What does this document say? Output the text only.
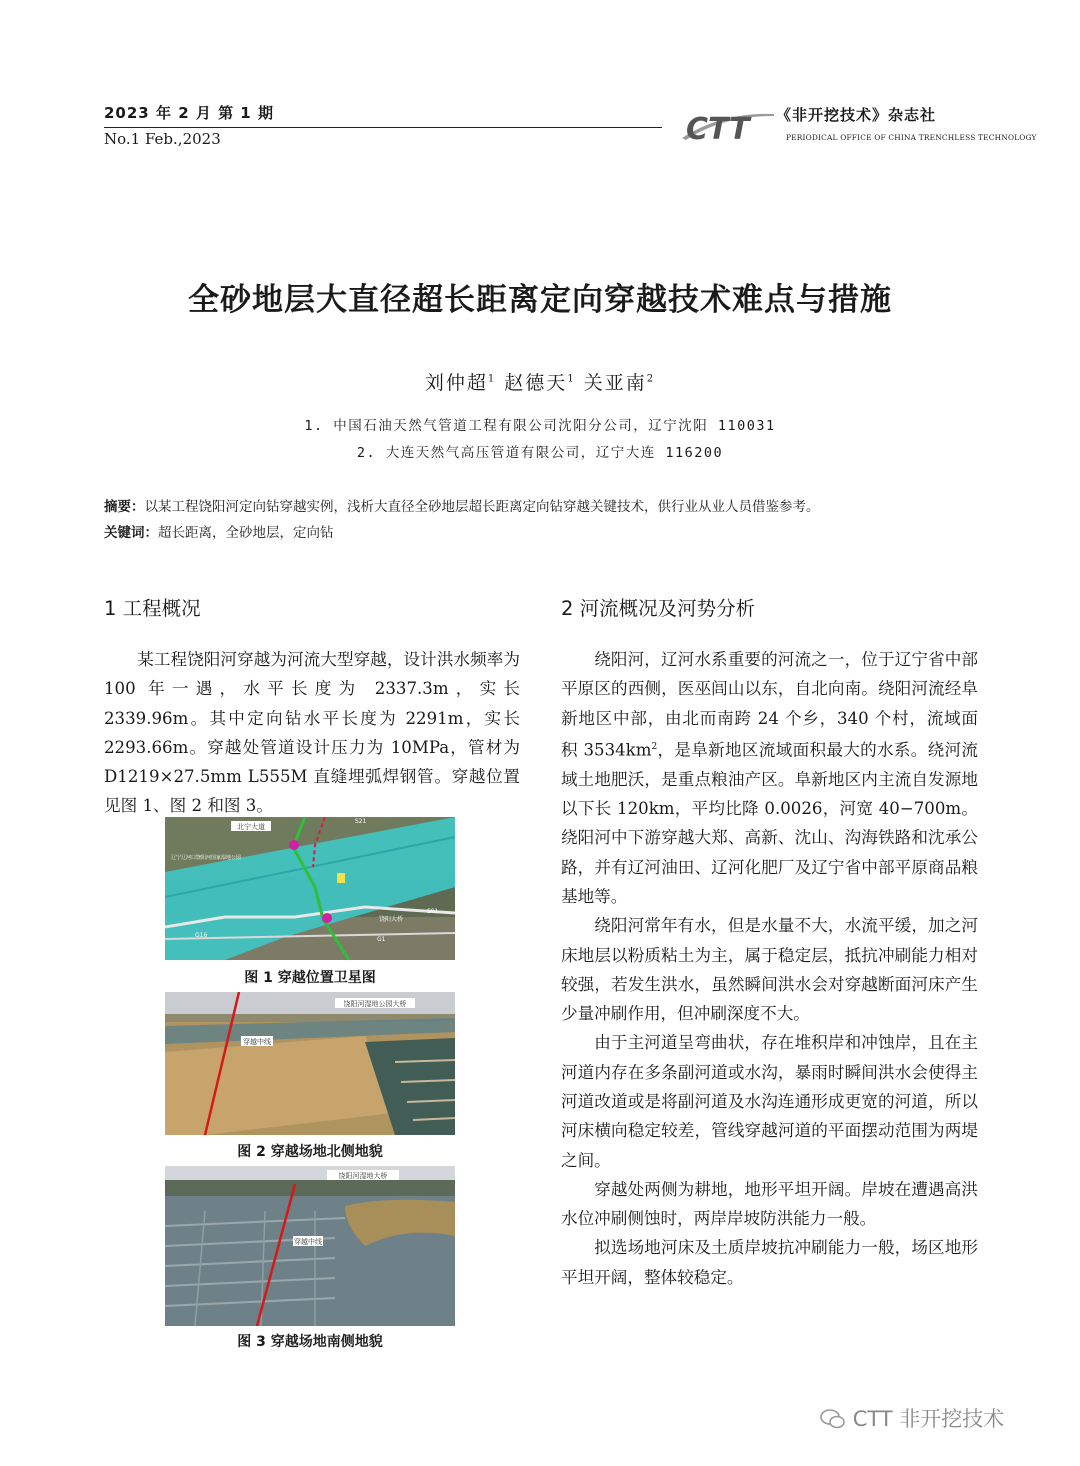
2023 年 2 月 第 1 期
No.1 Feb.,2023	CTT 《非开挖技术》杂志社
PERIODICAL OFFICE OF CHINA TRENCHLESS TECHNOLOGY
全砂地层大直径超长距离定向穿越技术难点与措施
刘仲超$^1$ 赵德天$^1$ 关亚南$^2$
1. 中国石油天然气管道工程有限公司沈阳分公司，辽宁沈阳 110031
2. 大连天然气高压管道有限公司，辽宁大连 116200
摘要：以某工程饶阳河定向钻穿越实例，浅析大直径全砂地层超长距离定向钻穿越关键技术，供行业从业人员借鉴参考。
关键词：超长距离，全砂地层，定向钻
1 工程概况	2 河流概况及河势分析

某工程饶阳河穿越为河流大型穿越，设计洪水频率为 100 年一遇，水平长度为 2337.3m，实长 2339.96m。其中定向钻水平长度为 2291m，实长 2293.66m。穿越处管道设计压力为 10MPa，管材为 D1219×27.5mm L555M 直缝埋弧焊钢管。穿越位置见图 1、图 2 和图 3。

北宁大道
辽宁辽河口饶阳河国家湿地公园
饶阳大桥
S21
G16
S01
G1
图 1 穿越位置卫星图
饶阳河湿地公园大桥
穿越中线
图 2 穿越场地北侧地貌
饶阳河湿地大桥
穿越中线
图 3 穿越场地南侧地貌

绕阳河，辽河水系重要的河流之一，位于辽宁省中部平原区的西侧，医巫闾山以东，自北向南。绕阳河流经阜新地区中部，由北而南跨 24 个乡，340 个村，流域面积 $3534km^2$，是阜新地区流域面积最大的水系。绕河流域土地肥沃，是重点粮油产区。阜新地区内主流自发源地以下长 120km，平均比降 0.0026，河宽 40−700m。绕阳河中下游穿越大郑、高新、沈山、沟海铁路和沈承公路，并有辽河油田、辽河化肥厂及辽宁省中部平原商品粮基地等。

绕阳河常年有水，但是水量不大，水流平缓，加之河床地层以粉质粘土为主，属于稳定层，抵抗冲刷能力相对较强，若发生洪水，虽然瞬间洪水会对穿越断面河床产生少量冲刷作用，但冲刷深度不大。

由于主河道呈弯曲状，存在堆积岸和冲蚀岸，且在主河道内存在多条副河道或水沟，暴雨时瞬间洪水会使得主河道改道或是将副河道及水沟连通形成更宽的河道，所以河床横向稳定较差，管线穿越河道的平面摆动范围为两堤之间。

穿越处两侧为耕地，地形平坦开阔。岸坡在遭遇高洪水位冲刷侧蚀时，两岸岸坡防洪能力一般。

拟选场地河床及土质岸坡抗冲刷能力一般，场区地形平坦开阔，整体较稳定。

CTT 非开挖技术
